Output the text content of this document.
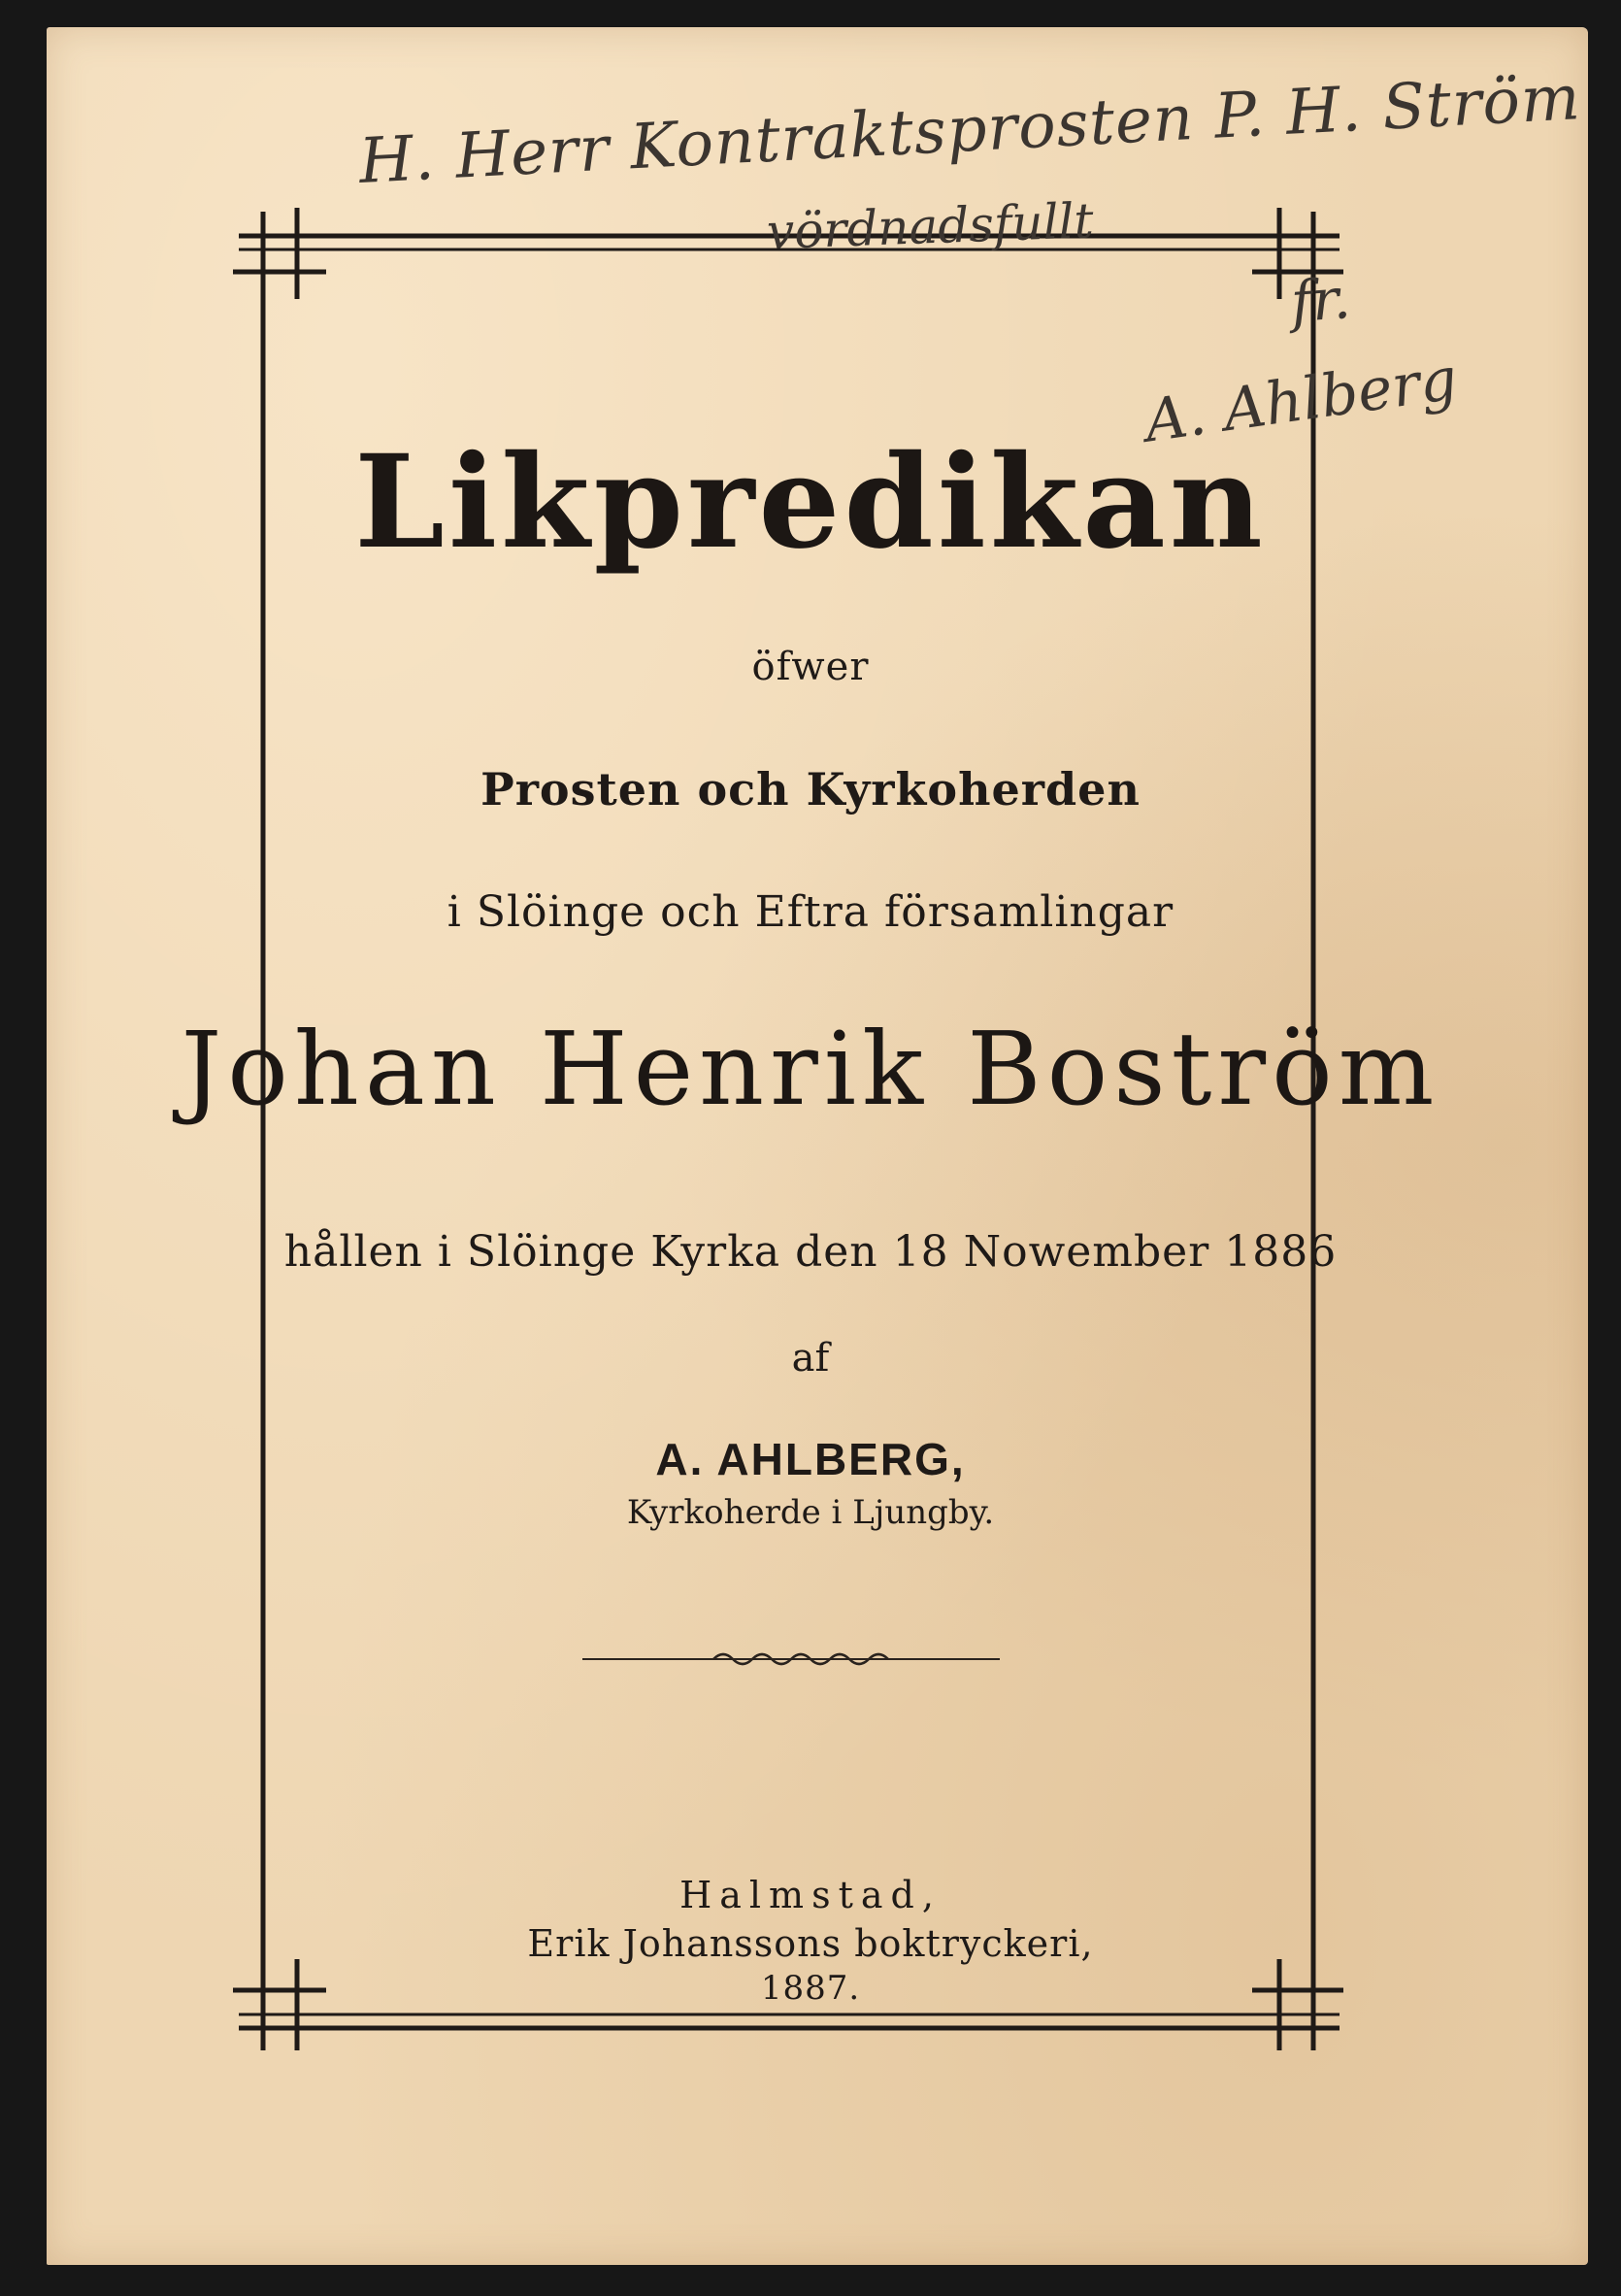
H. Herr Kontraktsprosten P. H. Ström
vördnadsfullt
fr.
A. Ahlberg
Likpredikan
öfwer
Prosten och Kyrkoherden
i Slöinge och Eftra församlingar
Johan Henrik Boström
hållen i Slöinge Kyrka den 18 Nowember 1886
af
A. AHLBERG,
Kyrkoherde i Ljungby.
Halmstad,
Erik Johanssons boktryckeri,
1887.
